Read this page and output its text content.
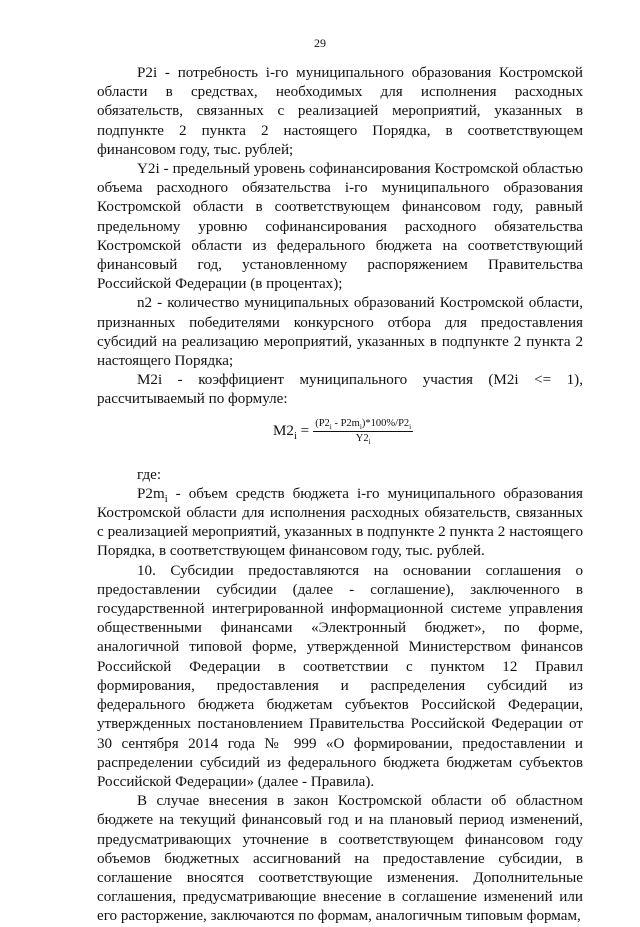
29

P2i - потребность i-го муниципального образования Костромской области в средствах, необходимых для исполнения расходных обязательств, связанных с реализацией мероприятий, указанных в подпункте 2 пункта 2 настоящего Порядка, в соответствующем финансовом году, тыс. рублей;

Y2i - предельный уровень софинансирования Костромской областью объема расходного обязательства i-го муниципального образования Костромской области в соответствующем финансовом году, равный предельному уровню софинансирования расходного обязательства Костромской области из федерального бюджета на соответствующий финансовый год, установленному распоряжением Правительства Российской Федерации (в процентах);

n2 - количество муниципальных образований Костромской области, признанных победителями конкурсного отбора для предоставления субсидий на реализацию мероприятий, указанных в подпункте 2 пункта 2 настоящего Порядка;

M2i - коэффициент муниципального участия (M2i <= 1), рассчитываемый по формуле:

$M2_i = \frac{(P2_i - P2m_i)*100\%/P2_i}{Y2_i}$

где:

$P2m_i$ - объем средств бюджета i-го муниципального образования Костромской области для исполнения расходных обязательств, связанных с реализацией мероприятий, указанных в подпункте 2 пункта 2 настоящего Порядка, в соответствующем финансовом году, тыс. рублей.

10. Субсидии предоставляются на основании соглашения о предоставлении субсидии (далее - соглашение), заключенного в государственной интегрированной информационной системе управления общественными финансами «Электронный бюджет», по форме, аналогичной типовой форме, утвержденной Министерством финансов Российской Федерации в соответствии с пунктом 12 Правил формирования, предоставления и распределения субсидий из федерального бюджета бюджетам субъектов Российской Федерации, утвержденных постановлением Правительства Российской Федерации от 30 сентября 2014 года № 999 «О формировании, предоставлении и распределении субсидий из федерального бюджета бюджетам субъектов Российской Федерации» (далее - Правила).

В случае внесения в закон Костромской области об областном бюджете на текущий финансовый год и на плановый период изменений, предусматривающих уточнение в соответствующем финансовом году объемов бюджетных ассигнований на предоставление субсидии, в соглашение вносятся соответствующие изменения. Дополнительные соглашения, предусматривающие внесение в соглашение изменений или его расторжение, заключаются по формам, аналогичным типовым формам,
